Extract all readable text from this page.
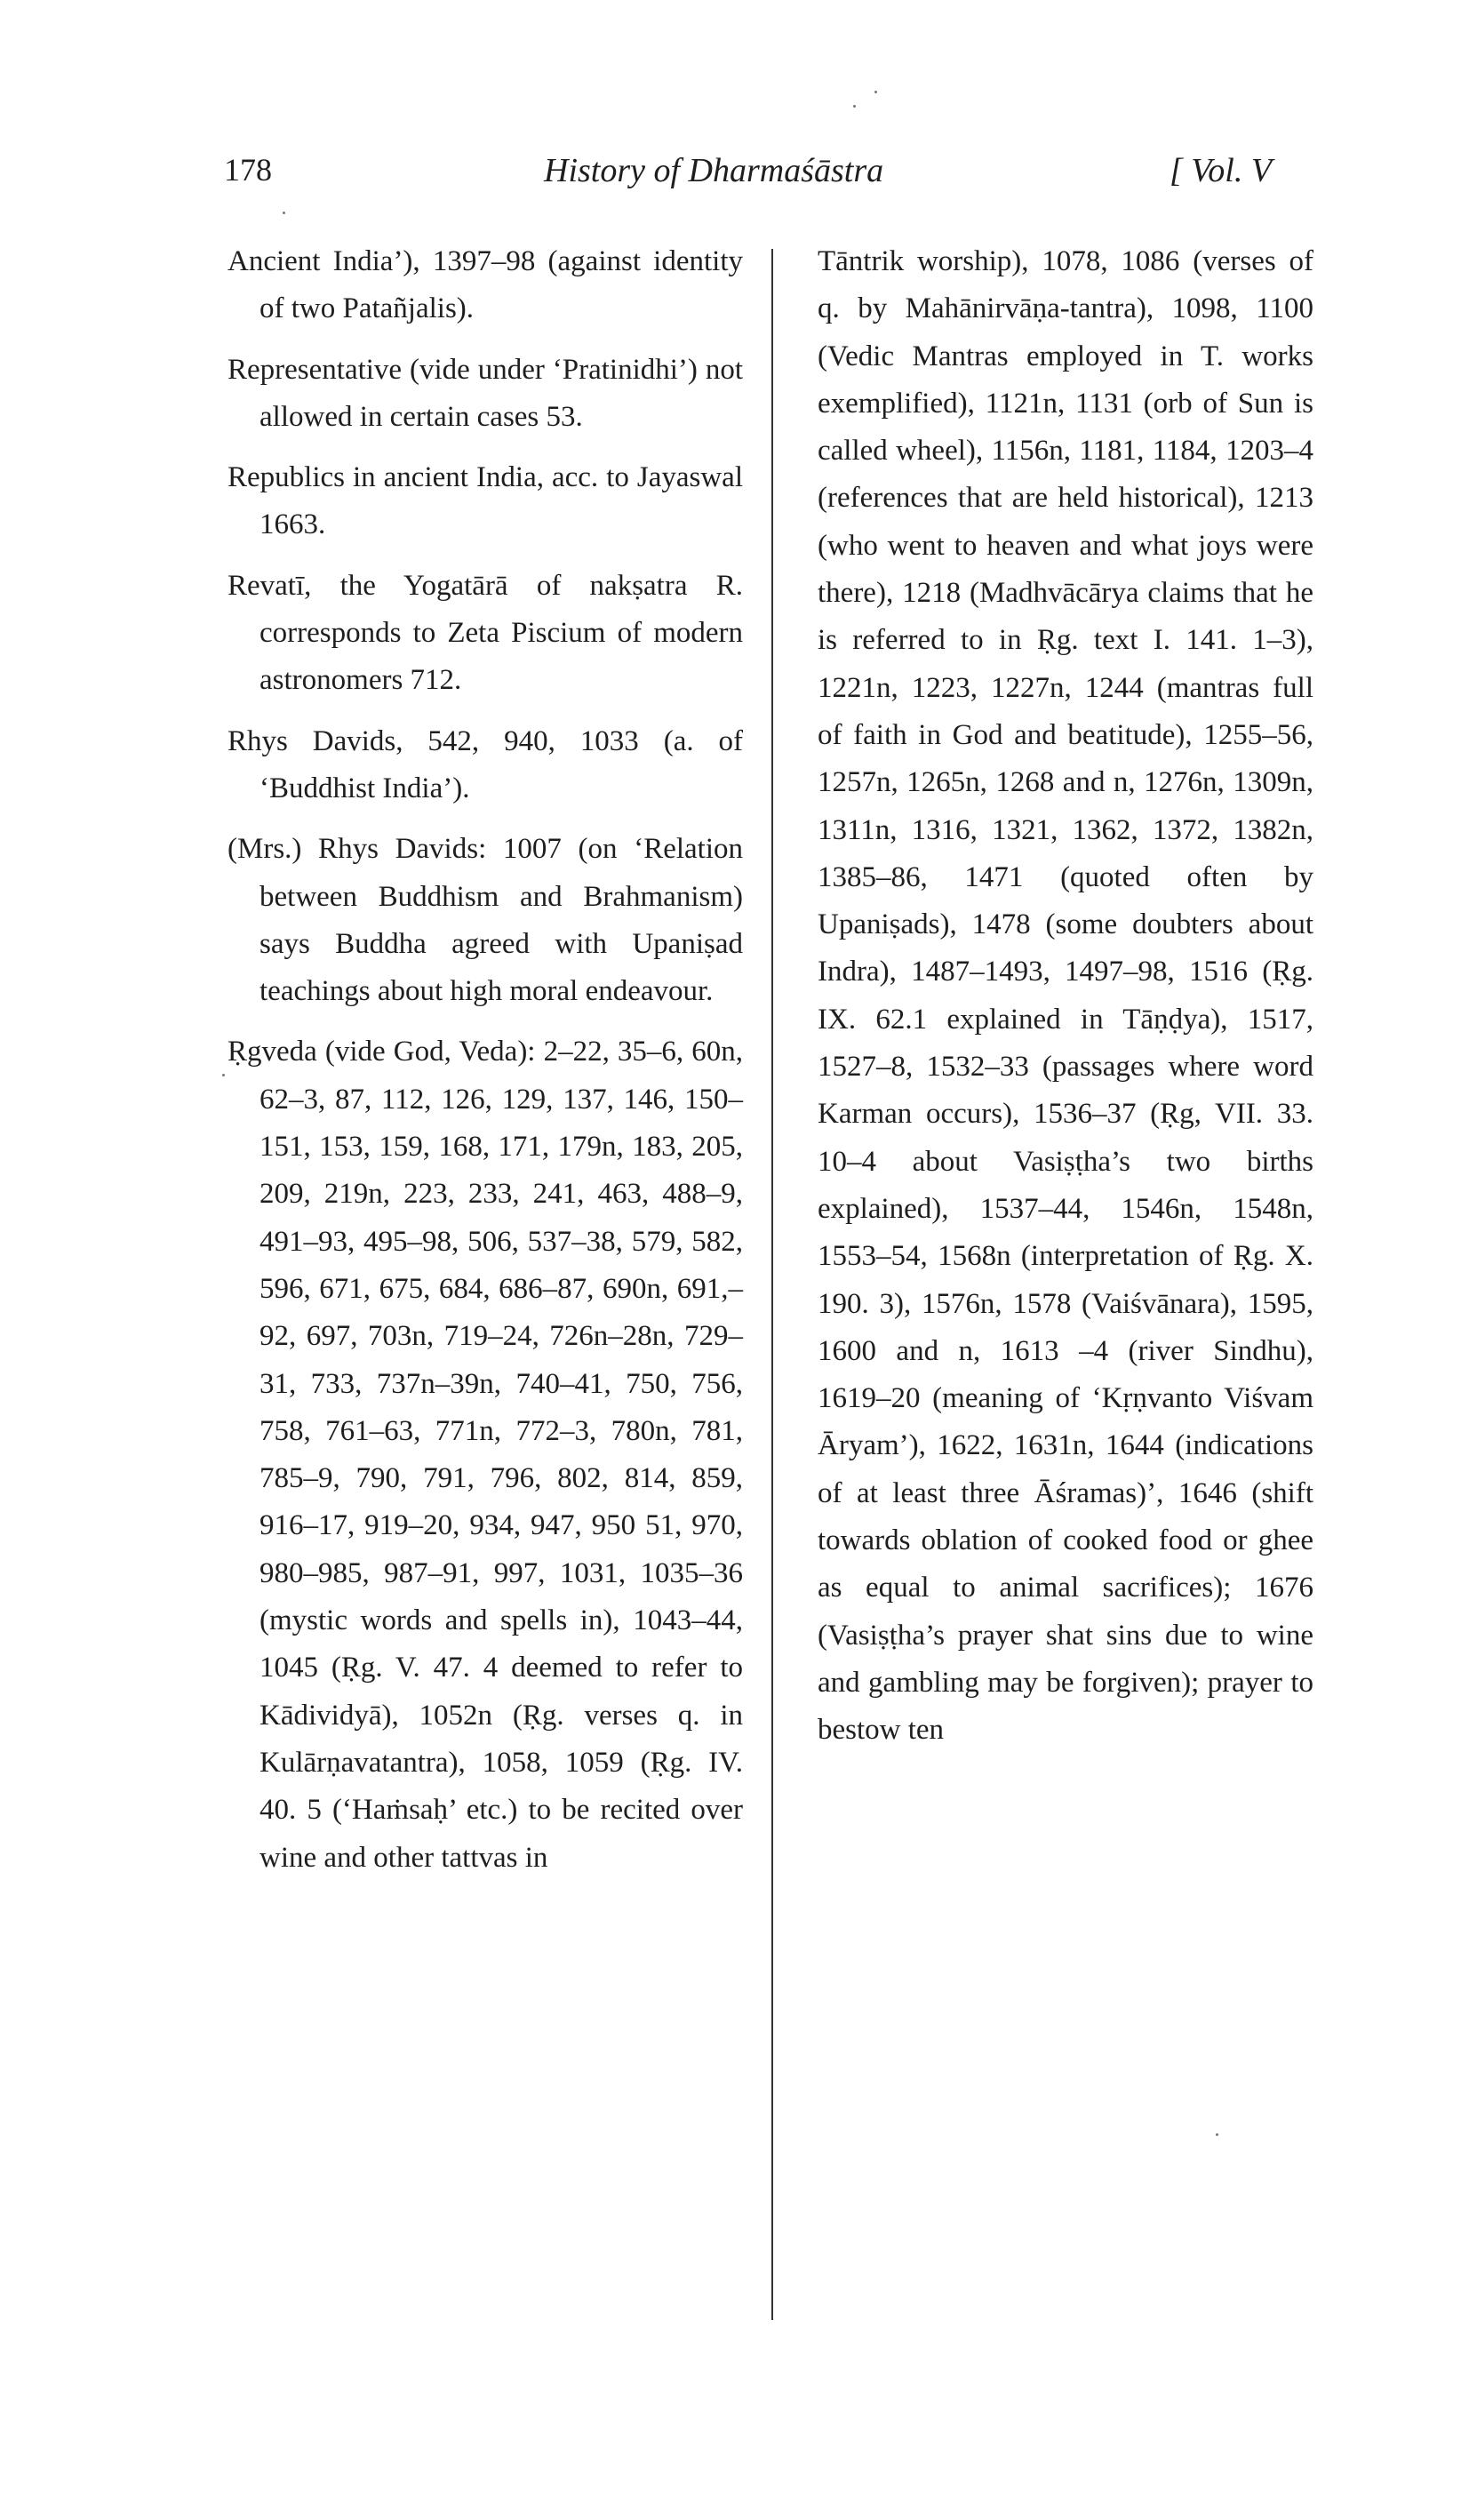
178	History of Dharmaśāstra	[ Vol. V

Ancient India’), 1397–98 (against identity of two Patañjalis).

Representative (vide under ‘Pratinidhi’) not allowed in certain cases 53.

Republics in ancient India, acc. to Jayaswal 1663.

Revatī, the Yogatārā of nakṣatra R. corresponds to Zeta Piscium of modern astronomers 712.

Rhys Davids, 542, 940, 1033 (a. of ‘Buddhist India’).

(Mrs.) Rhys Davids: 1007 (on ‘Relation between Buddhism and Brahmanism) says Buddha agreed with Upaniṣad teachings about high moral endeavour.

Ṛgveda (vide God, Veda): 2–22, 35–6, 60n, 62–3, 87, 112, 126, 129, 137, 146, 150–151, 153, 159, 168, 171, 179n, 183, 205, 209, 219n, 223, 233, 241, 463, 488–9, 491–93, 495–98, 506, 537–38, 579, 582, 596, 671, 675, 684, 686–87, 690n, 691,–92, 697, 703n, 719–24, 726n–28n, 729–31, 733, 737n–39n, 740–41, 750, 756, 758, 761–63, 771n, 772–3, 780n, 781, 785–9, 790, 791, 796, 802, 814, 859, 916–17, 919–20, 934, 947, 950 51, 970, 980–985, 987–91, 997, 1031, 1035–36 (mystic words and spells in), 1043–44, 1045 (Ṛg. V. 47. 4 deemed to refer to Kādividyā), 1052n (Ṛg. verses q. in Kulārṇavatantra), 1058, 1059 (Ṛg. IV. 40. 5 (‘Haṁsaḥ’ etc.) to be recited over wine and other tattvas in

Tāntrik worship), 1078, 1086 (verses of q. by Mahānirvāṇa-tantra), 1098, 1100 (Vedic Mantras employed in T. works exemplified), 1121n, 1131 (orb of Sun is called wheel), 1156n, 1181, 1184, 1203–4 (references that are held historical), 1213 (who went to heaven and what joys were there), 1218 (Madhvācārya claims that he is referred to in Ṛg. text I. 141. 1–3), 1221n, 1223, 1227n, 1244 (mantras full of faith in God and beatitude), 1255–56, 1257n, 1265n, 1268 and n, 1276n, 1309n, 1311n, 1316, 1321, 1362, 1372, 1382n, 1385–86, 1471 (quoted often by Upaniṣads), 1478 (some doubters about Indra), 1487–1493, 1497–98, 1516 (Ṛg. IX. 62.1 explained in Tāṇḍya), 1517, 1527–8, 1532–33 (passages where word Karman occurs), 1536–37 (Ṛg, VII. 33. 10–4 about Vasiṣṭha’s two births explained), 1537–44, 1546n, 1548n, 1553–54, 1568n (interpretation of Ṛg. X. 190. 3), 1576n, 1578 (Vaiśvānara), 1595, 1600 and n, 1613 –4 (river Sindhu), 1619–20 (meaning of ‘Kṛṇvanto Viśvam Āryam’), 1622, 1631n, 1644 (indications of at least three Āśramas)’, 1646 (shift towards oblation of cooked food or ghee as equal to animal sacrifices); 1676 (Vasiṣṭha’s prayer shat sins due to wine and gambling may be forgiven); prayer to bestow ten
